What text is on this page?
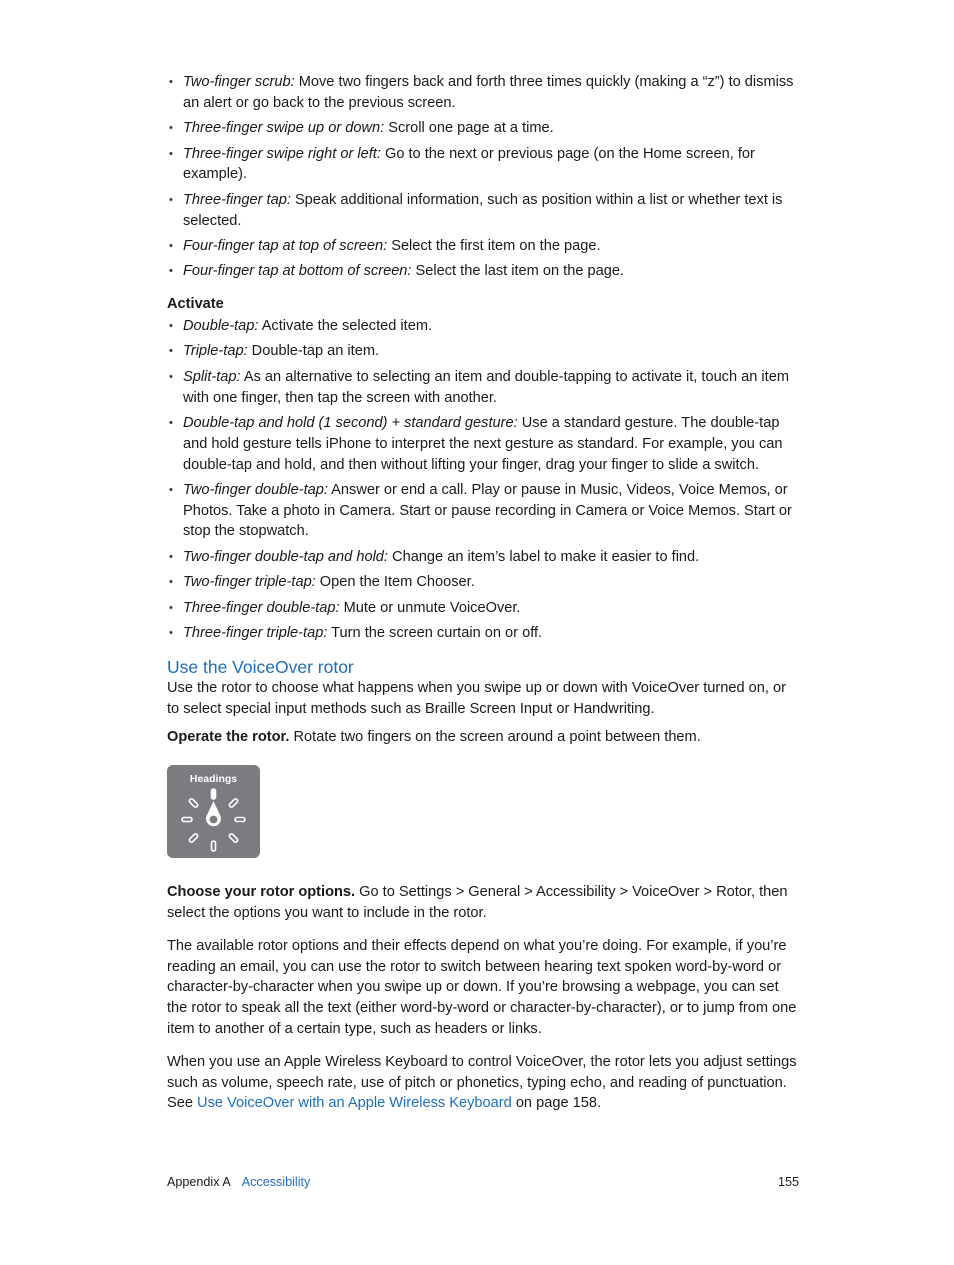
• Two-finger scrub: Move two fingers back and forth three times quickly (making a “z”) to dismiss an alert or go back to the previous screen.
• Three-finger swipe up or down: Scroll one page at a time.
• Three-finger swipe right or left: Go to the next or previous page (on the Home screen, for example).
• Three-finger tap: Speak additional information, such as position within a list or whether text is selected.
• Four-finger tap at top of screen: Select the first item on the page.
• Four-finger tap at bottom of screen: Select the last item on the page.
Activate
• Double-tap: Activate the selected item.
• Triple-tap: Double-tap an item.
• Split-tap: As an alternative to selecting an item and double-tapping to activate it, touch an item with one finger, then tap the screen with another.
• Double-tap and hold (1 second) + standard gesture: Use a standard gesture. The double-tap and hold gesture tells iPhone to interpret the next gesture as standard. For example, you can double-tap and hold, and then without lifting your finger, drag your finger to slide a switch.
• Two-finger double-tap: Answer or end a call. Play or pause in Music, Videos, Voice Memos, or Photos. Take a photo in Camera. Start or pause recording in Camera or Voice Memos. Start or stop the stopwatch.
• Two-finger double-tap and hold: Change an item’s label to make it easier to find.
• Two-finger triple-tap: Open the Item Chooser.
• Three-finger double-tap: Mute or unmute VoiceOver.
• Three-finger triple-tap: Turn the screen curtain on or off.
Use the VoiceOver rotor

Use the rotor to choose what happens when you swipe up or down with VoiceOver turned on, or to select special input methods such as Braille Screen Input or Handwriting.

Operate the rotor. Rotate two fingers on the screen around a point between them.

Headings

Choose your rotor options. Go to Settings > General > Accessibility > VoiceOver > Rotor, then select the options you want to include in the rotor.

The available rotor options and their effects depend on what you’re doing. For example, if you’re reading an email, you can use the rotor to switch between hearing text spoken word-by-word or character-by-character when you swipe up or down. If you’re browsing a webpage, you can set the rotor to speak all the text (either word-by-word or character-by-character), or to jump from one item to another of a certain type, such as headers or links.

When you use an Apple Wireless Keyboard to control VoiceOver, the rotor lets you adjust settings such as volume, speech rate, use of pitch or phonetics, typing echo, and reading of punctuation. See Use VoiceOver with an Apple Wireless Keyboard on page 158.

Appendix A Accessibility	155
